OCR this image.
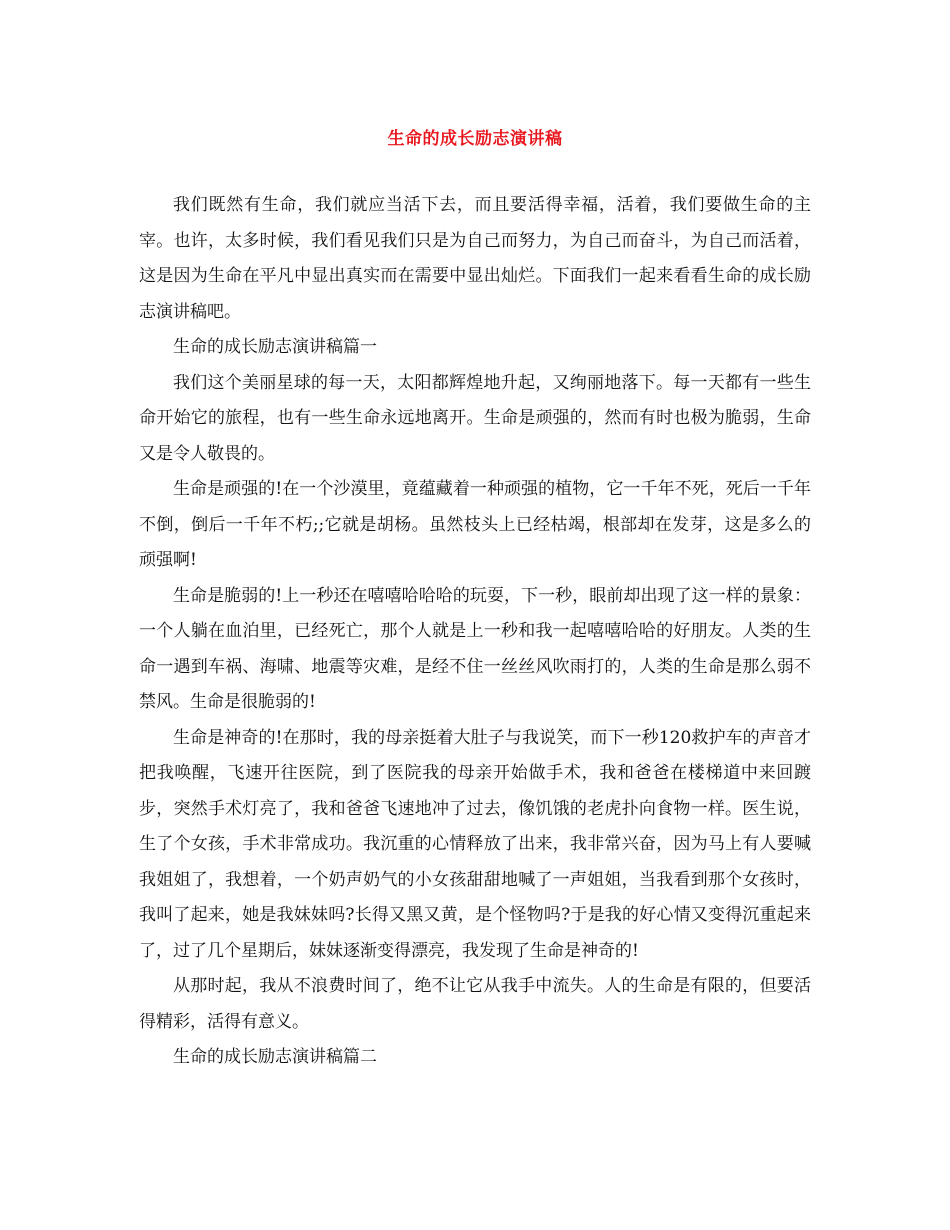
生命的成长励志演讲稿

我们既然有生命，我们就应当活下去，而且要活得幸福，活着，我们要做生命的主宰。也许，太多时候，我们看见我们只是为自己而努力，为自己而奋斗，为自己而活着，这是因为生命在平凡中显出真实而在需要中显出灿烂。下面我们一起来看看生命的成长励志演讲稿吧。

生命的成长励志演讲稿篇一

我们这个美丽星球的每一天，太阳都辉煌地升起，又绚丽地落下。每一天都有一些生命开始它的旅程，也有一些生命永远地离开。生命是顽强的，然而有时也极为脆弱，生命又是令人敬畏的。

生命是顽强的!在一个沙漠里，竟蕴藏着一种顽强的植物，它一千年不死，死后一千年不倒，倒后一千年不朽;;它就是胡杨。虽然枝头上已经枯竭，根部却在发芽，这是多么的顽强啊!

生命是脆弱的!上一秒还在嘻嘻哈哈哈的玩耍，下一秒，眼前却出现了这一样的景象：一个人躺在血泊里，已经死亡，那个人就是上一秒和我一起嘻嘻哈哈的好朋友。人类的生命一遇到车祸、海啸、地震等灾难，是经不住一丝丝风吹雨打的，人类的生命是那么弱不禁风。生命是很脆弱的!

生命是神奇的!在那时，我的母亲挺着大肚子与我说笑，而下一秒120救护车的声音才把我唤醒，飞速开往医院，到了医院我的母亲开始做手术，我和爸爸在楼梯道中来回踱步，突然手术灯亮了，我和爸爸飞速地冲了过去，像饥饿的老虎扑向食物一样。医生说，生了个女孩，手术非常成功。我沉重的心情释放了出来，我非常兴奋，因为马上有人要喊我姐姐了，我想着，一个奶声奶气的小女孩甜甜地喊了一声姐姐，当我看到那个女孩时，我叫了起来，她是我妹妹吗?长得又黑又黄，是个怪物吗?于是我的好心情又变得沉重起来了，过了几个星期后，妹妹逐渐变得漂亮，我发现了生命是神奇的!

从那时起，我从不浪费时间了，绝不让它从我手中流失。人的生命是有限的，但要活得精彩，活得有意义。

生命的成长励志演讲稿篇二
